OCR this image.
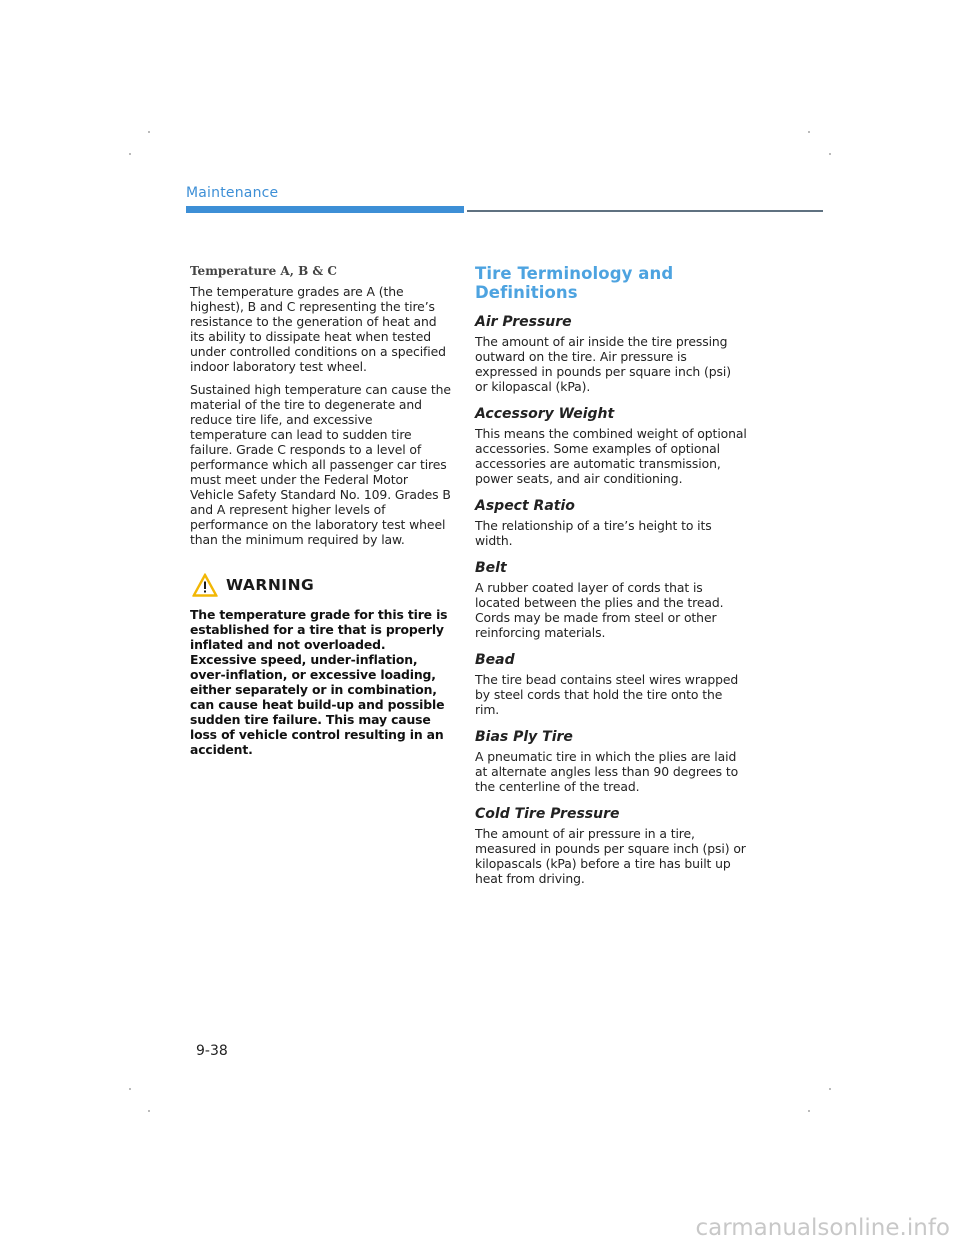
Maintenance
Temperature A, B & C

The temperature grades are A (the highest), B and C representing the tire’s resistance to the generation of heat and its ability to dissipate heat when tested under controlled conditions on a specified indoor laboratory test wheel.

Sustained high temperature can cause the material of the tire to degenerate and reduce tire life, and excessive temperature can lead to sudden tire failure. Grade C responds to a level of performance which all passenger car tires must meet under the Federal Motor Vehicle Safety Standard No. 109. Grades B and A represent higher levels of performance on the laboratory test wheel than the minimum required by law.

WARNING

The temperature grade for this tire is established for a tire that is properly inflated and not overloaded. Excessive speed, under-inflation, over-inflation, or excessive loading, either separately or in combination, can cause heat build-up and possible sudden tire failure. This may cause loss of vehicle control resulting in an accident.

Tire Terminology and Definitions
Air Pressure

The amount of air inside the tire pressing outward on the tire. Air pressure is expressed in pounds per square inch (psi) or kilopascal (kPa).

Accessory Weight

This means the combined weight of optional accessories. Some examples of optional accessories are automatic transmission, power seats, and air conditioning.

Aspect Ratio

The relationship of a tire’s height to its width.

Belt

A rubber coated layer of cords that is located between the plies and the tread. Cords may be made from steel or other reinforcing materials.

Bead

The tire bead contains steel wires wrapped by steel cords that hold the tire onto the rim.

Bias Ply Tire

A pneumatic tire in which the plies are laid at alternate angles less than 90 degrees to the centerline of the tread.

Cold Tire Pressure

The amount of air pressure in a tire, measured in pounds per square inch (psi) or kilopascals (kPa) before a tire has built up heat from driving.

9-38
carmanualsonline.info
